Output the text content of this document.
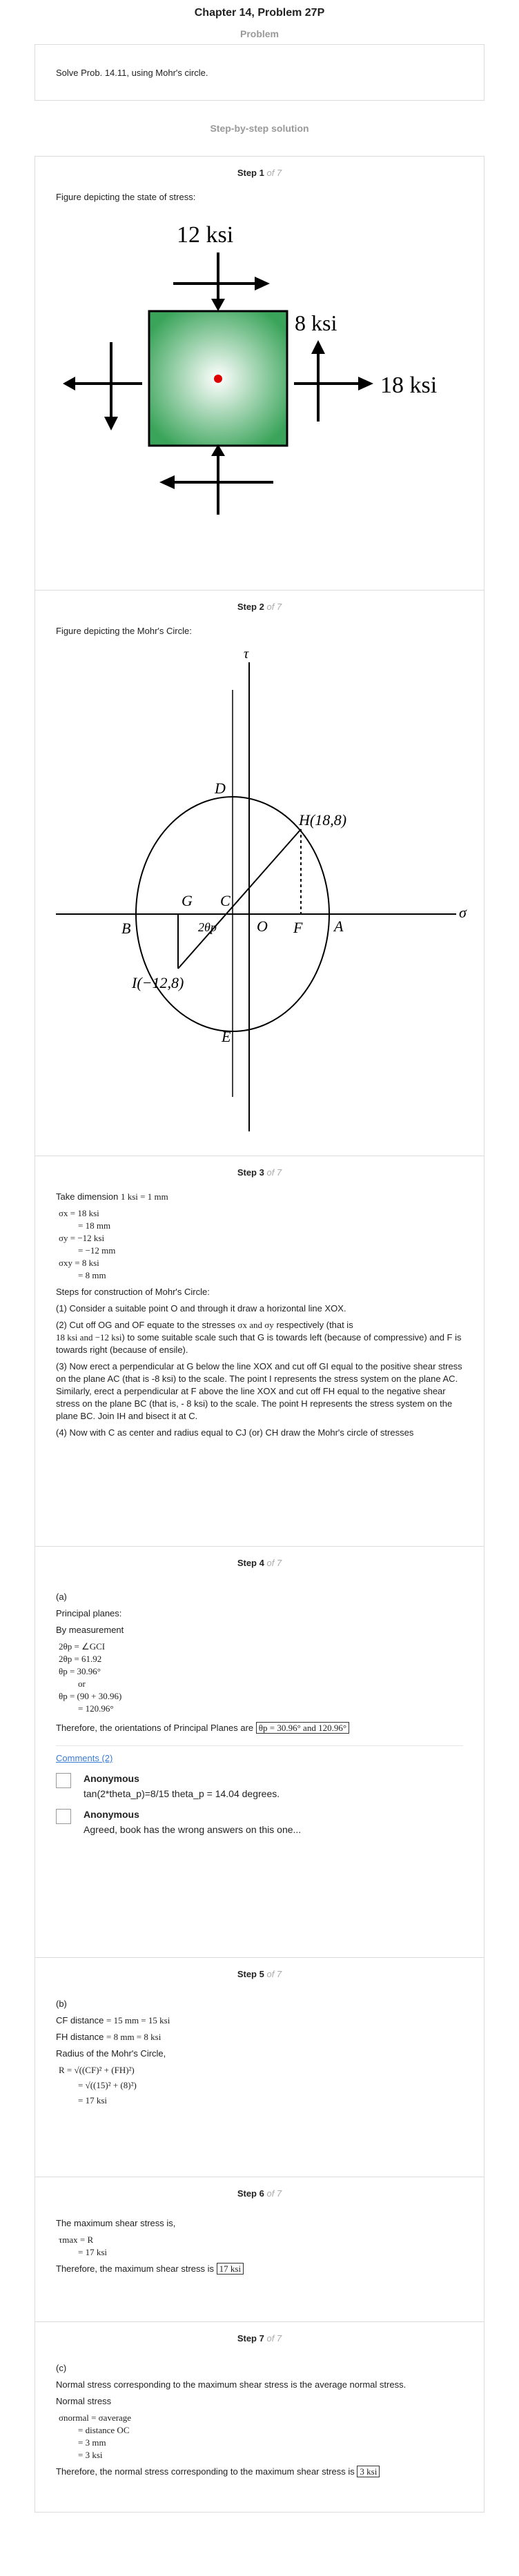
Chapter 14, Problem 27P
Problem
Solve Prob. 14.11, using Mohr's circle.
Step-by-step solution
Step 1 of 7
Figure depicting the state of stress:
12 ksi
8 ksi
18 ksi
Step 2 of 7
Figure depicting the Mohr's Circle:
τ
σ
D
H(18,8)
G C
2θp	O F A
B
I(−12,8)
E
Step 3 of 7
Take dimension 1 ksi = 1 mm
σx = 18 ksi
= 18 mm
σy = −12 ksi
= −12 mm
σxy = 8 ksi
= 8 mm
Steps for construction of Mohr's Circle:
(1) Consider a suitable point O and through it draw a horizontal line XOX.
(2) Cut off OG and OF equate to the stresses σx and σy respectively (that is
18 ksi and −12 ksi) to some suitable scale such that G is towards left (because of compressive) and F is towards right (because of ensile).
(3) Now erect a perpendicular at G below the line XOX and cut off GI equal to the positive shear stress on the plane AC (that is -8 ksi) to the scale. The point I represents the stress system on the plane AC. Similarly, erect a perpendicular at F above the line XOX and cut off FH equal to the negative shear stress on the plane BC (that is, - 8 ksi) to the scale. The point H represents the stress system on the plane BC. Join IH and bisect it at C.
(4) Now with C as center and radius equal to CJ (or) CH draw the Mohr's circle of stresses
Step 4 of 7
(a)
Principal planes:
By measurement
2θp = ∠GCI
2θp = 61.92
θp = 30.96°
or
θp = (90 + 30.96)
= 120.96°
Therefore, the orientations of Principal Planes are θp = 30.96° and 120.96°
Comments (2)
Anonymous
tan(2*theta_p)=8/15 theta_p = 14.04 degrees.
Anonymous
Agreed, book has the wrong answers on this one...
Step 5 of 7
(b)
CF distance = 15 mm = 15 ksi
FH distance = 8 mm = 8 ksi
Radius of the Mohr's Circle,
R = √((CF)² + (FH)²)
= √((15)² + (8)²)
= 17 ksi
Step 6 of 7
The maximum shear stress is,
τmax = R
= 17 ksi
Therefore, the maximum shear stress is 17 ksi
Step 7 of 7
(c)
Normal stress corresponding to the maximum shear stress is the average normal stress.
Normal stress
σnormal = σaverage
= distance OC
= 3 mm
= 3 ksi
Therefore, the normal stress corresponding to the maximum shear stress is 3 ksi
